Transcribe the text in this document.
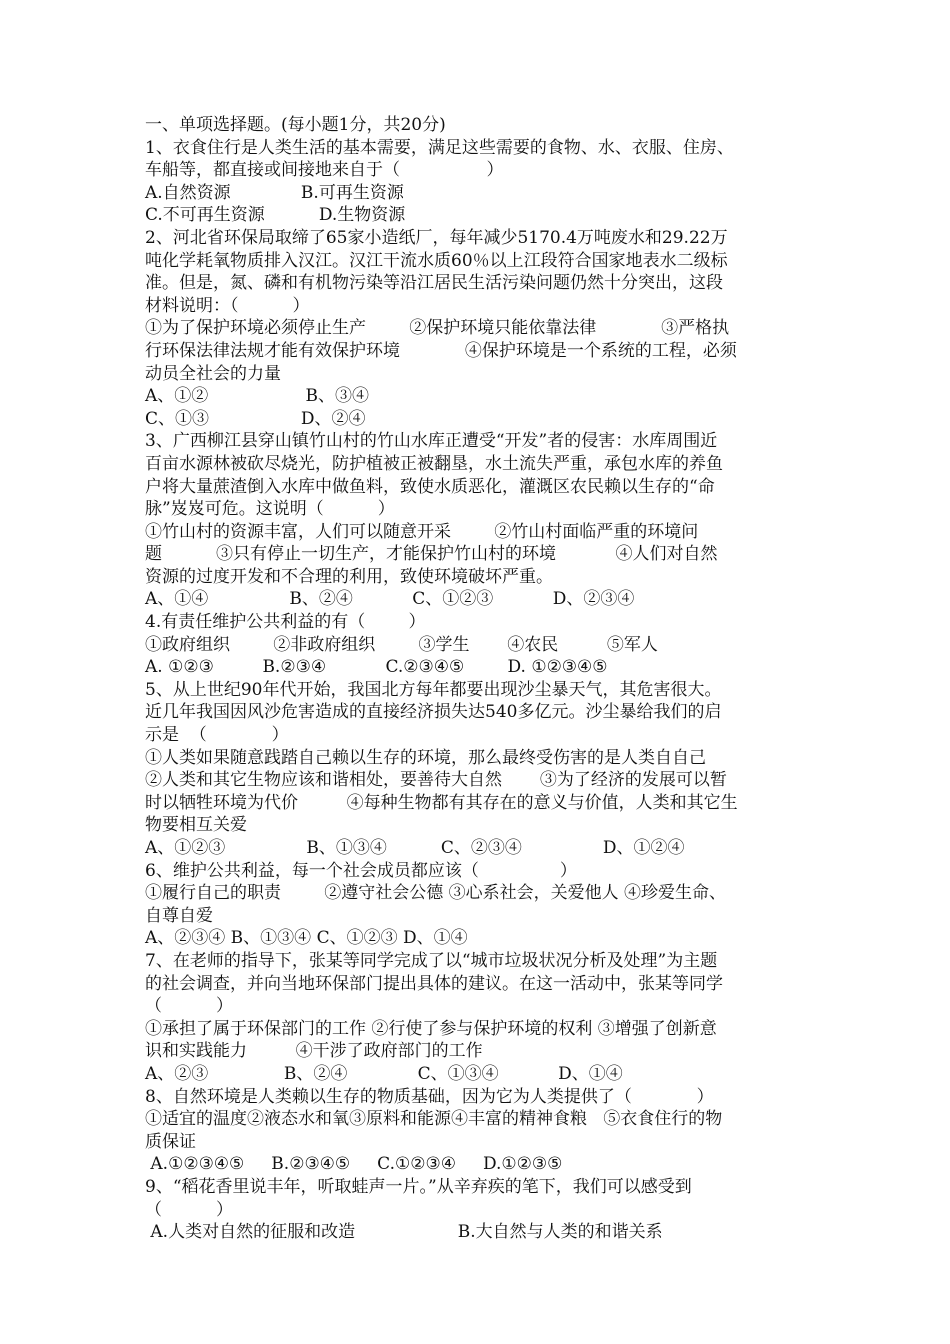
一、单项选择题。(每小题1分，共20分)
1、衣食住行是人类生活的基本需要，满足这些需要的食物、水、衣服、住房、
车船等，都直接或间接地来自于（                ）
A.自然资源             B.可再生资源
C.不可再生资源          D.生物资源
2、河北省环保局取缔了65家小造纸厂，每年减少5170.4万吨废水和29.22万
吨化学耗氧物质排入汉江。汉江干流水质60％以上江段符合国家地表水二级标
准。但是，氮、磷和有机物污染等沿江居民生活污染问题仍然十分突出，这段
材料说明：（          ）
①为了保护环境必须停止生产        ②保护环境只能依靠法律            ③严格执
行环保法律法规才能有效保护环境            ④保护环境是一个系统的工程，必须
动员全社会的力量
A、①②                  B、③④
C、①③                 D、②④
3、广西柳江县穿山镇竹山村的竹山水库正遭受“开发”者的侵害：水库周围近
百亩水源林被砍尽烧光，防护植被正被翻垦，水土流失严重，承包水库的养鱼
户将大量蔗渣倒入水库中做鱼料，致使水质恶化，灌溉区农民赖以生存的“命
脉”岌岌可危。这说明（          ）
①竹山村的资源丰富，人们可以随意开采        ②竹山村面临严重的环境问
题          ③只有停止一切生产，才能保护竹山村的环境           ④人们对自然
资源的过度开发和不合理的利用，致使环境破坏严重。
A、①④               B、②④           C、①②③           D、②③④
4.有责任维护公共利益的有（        ）
①政府组织        ②非政府组织        ③学生       ④农民         ⑤军人
A. ①②③         B.②③④           C.②③④⑤        D. ①②③④⑤
5、从上世纪90年代开始，我国北方每年都要出现沙尘暴天气，其危害很大。
近几年我国因风沙危害造成的直接经济损失达540多亿元。沙尘暴给我们的启
示是  （            ）
①人类如果随意践踏自己赖以生存的环境，那么最终受伤害的是人类自自己
②人类和其它生物应该和谐相处，要善待大自然       ③为了经济的发展可以暂
时以牺牲环境为代价         ④每种生物都有其存在的意义与价值，人类和其它生
物要相互关爱
A、①②③               B、①③④          C、②③④               D、①②④
6、维护公共利益，每一个社会成员都应该（               ）
①履行自己的职责        ②遵守社会公德 ③心系社会，关爱他人 ④珍爱生命、
自尊自爱
A、②③④ B、①③④ C、①②③ D、①④
7、在老师的指导下，张某等同学完成了以“城市垃圾状况分析及处理”为主题
的社会调查，并向当地环保部门提出具体的建议。在这一活动中，张某等同学
（          ）
①承担了属于环保部门的工作 ②行使了参与保护环境的权利 ③增强了创新意
识和实践能力         ④干涉了政府部门的工作
A、②③              B、②④             C、①③④           D、①④
8、自然环境是人类赖以生存的物质基础，因为它为人类提供了（            ）
①适宜的温度②液态水和氧③原料和能源④丰富的精神食粮   ⑤衣食住行的物
质保证
A.①②③④⑤     B.②③④⑤     C.①②③④     D.①②③⑤
9、“稻花香里说丰年，听取蛙声一片。”从辛弃疾的笔下，我们可以感受到
（          ）
A.人类对自然的征服和改造                   B.大自然与人类的和谐关系
